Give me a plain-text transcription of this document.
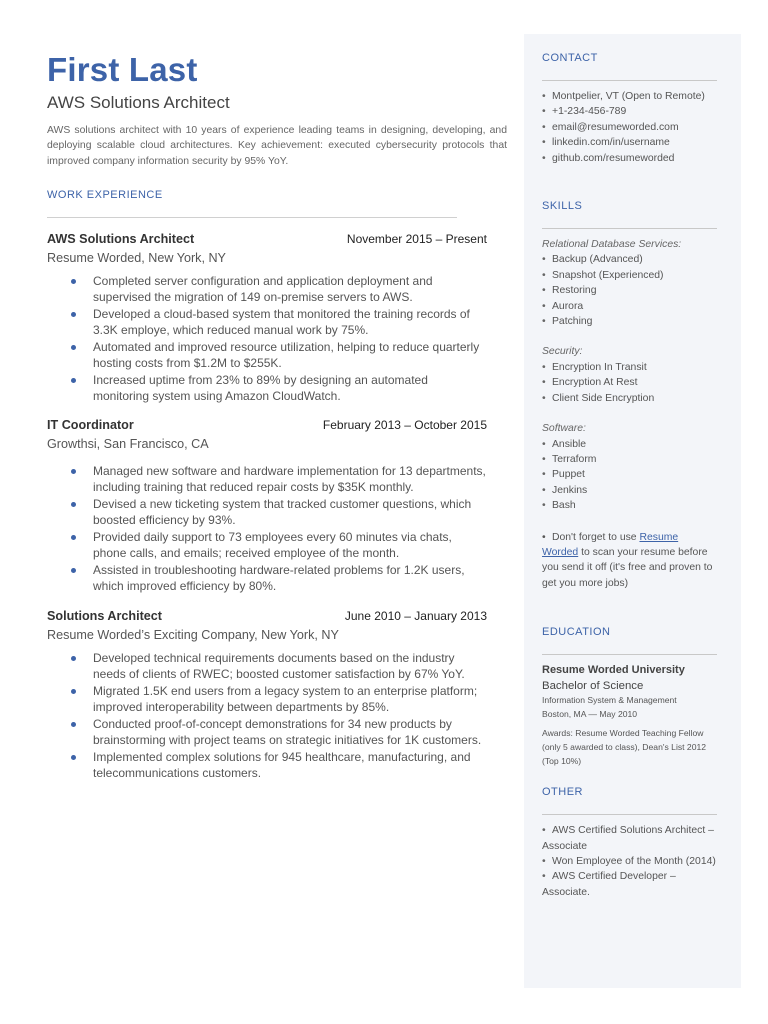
First Last
AWS Solutions Architect

AWS solutions architect with 10 years of experience leading teams in designing, developing, and deploying scalable cloud architectures. Key achievement: executed cybersecurity protocols that improved company information security by 95% YoY.

WORK EXPERIENCE
AWS Solutions Architect	November 2015 – Present
Resume Worded, New York, NY
Completed server configuration and application deployment and supervised the migration of 149 on-premise servers to AWS.
Developed a cloud-based system that monitored the training records of 3.3K employe, which reduced manual work by 75%.
Automated and improved resource utilization, helping to reduce quarterly hosting costs from $1.2M to $255K.
Increased uptime from 23% to 89% by designing an automated monitoring system using Amazon CloudWatch.
IT Coordinator	February 2013 – October 2015
Growthsi, San Francisco, CA
Managed new software and hardware implementation for 13 departments, including training that reduced repair costs by $35K monthly.
Devised a new ticketing system that tracked customer questions, which boosted efficiency by 93%.
Provided daily support to 73 employees every 60 minutes via chats, phone calls, and emails; received employee of the month.
Assisted in troubleshooting hardware-related problems for 1.2K users, which improved efficiency by 80%.
Solutions Architect	June 2010 – January 2013
Resume Worded’s Exciting Company, New York, NY
Developed technical requirements documents based on the industry needs of clients of RWEC; boosted customer satisfaction by 67% YoY.
Migrated 1.5K end users from a legacy system to an enterprise platform; improved interoperability between departments by 85%.
Conducted proof-of-concept demonstrations for 34 new products by brainstorming with project teams on strategic initiatives for 1K customers.
Implemented complex solutions for 945 healthcare, manufacturing, and telecommunications customers.
CONTACT
• Montpelier, VT (Open to Remote)
• +1-234-456-789
• email@resumeworded.com
• linkedin.com/in/username
• github.com/resumeworded
SKILLS
Relational Database Services:
• Backup (Advanced)
• Snapshot (Experienced)
• Restoring
• Aurora
• Patching
Security:
• Encryption In Transit
• Encryption At Rest
• Client Side Encryption
Software:
• Ansible
• Terraform
• Puppet
• Jenkins
• Bash

• Don't forget to use Resume Worded to scan your resume before you send it off (it's free and proven to get you more jobs)

EDUCATION
Resume Worded University
Bachelor of Science
Information System & Management
Boston, MA — May 2010
Awards: Resume Worded Teaching Fellow (only 5 awarded to class), Dean's List 2012 (Top 10%)
OTHER
• AWS Certified Solutions Architect – Associate
• Won Employee of the Month (2014)
• AWS Certified Developer – Associate.
